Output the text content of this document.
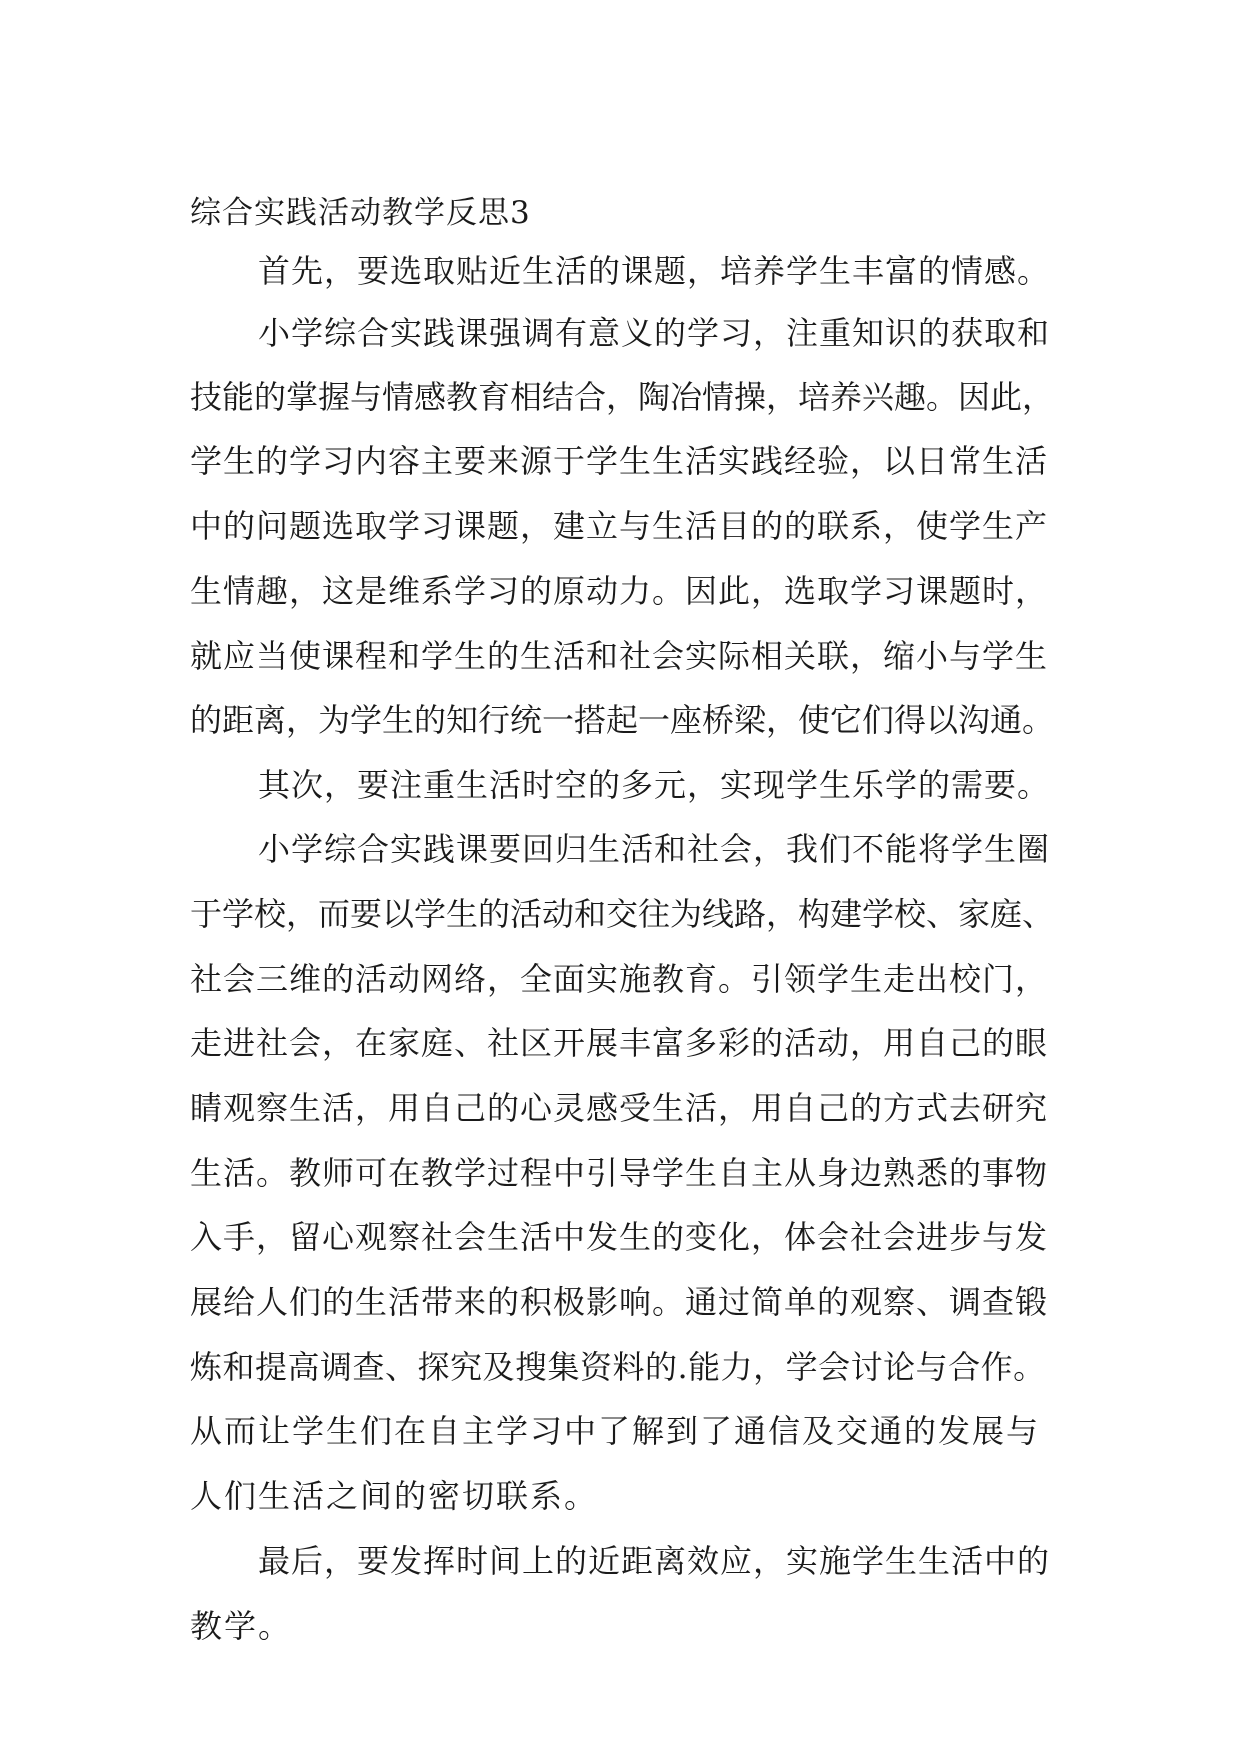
综合实践活动教学反思3

首先，要选取贴近生活的课题，培养学生丰富的情感。

小学综合实践课强调有意义的学习，注重知识的获取和

技能的掌握与情感教育相结合，陶冶情操，培养兴趣。因此，

学生的学习内容主要来源于学生生活实践经验，以日常生活

中的问题选取学习课题，建立与生活目的的联系，使学生产

生情趣，这是维系学习的原动力。因此，选取学习课题时，

就应当使课程和学生的生活和社会实际相关联，缩小与学生

的距离，为学生的知行统一搭起一座桥梁，使它们得以沟通。

其次，要注重生活时空的多元，实现学生乐学的需要。

小学综合实践课要回归生活和社会，我们不能将学生圈

于学校，而要以学生的活动和交往为线路，构建学校、家庭、

社会三维的活动网络，全面实施教育。引领学生走出校门，

走进社会，在家庭、社区开展丰富多彩的活动，用自己的眼

睛观察生活，用自己的心灵感受生活，用自己的方式去研究

生活。教师可在教学过程中引导学生自主从身边熟悉的事物

入手，留心观察社会生活中发生的变化，体会社会进步与发

展给人们的生活带来的积极影响。通过简单的观察、调查锻

炼和提高调查、探究及搜集资料的.能力，学会讨论与合作。

从而让学生们在自主学习中了解到了通信及交通的发展与

人们生活之间的密切联系。

最后，要发挥时间上的近距离效应，实施学生生活中的

教学。
